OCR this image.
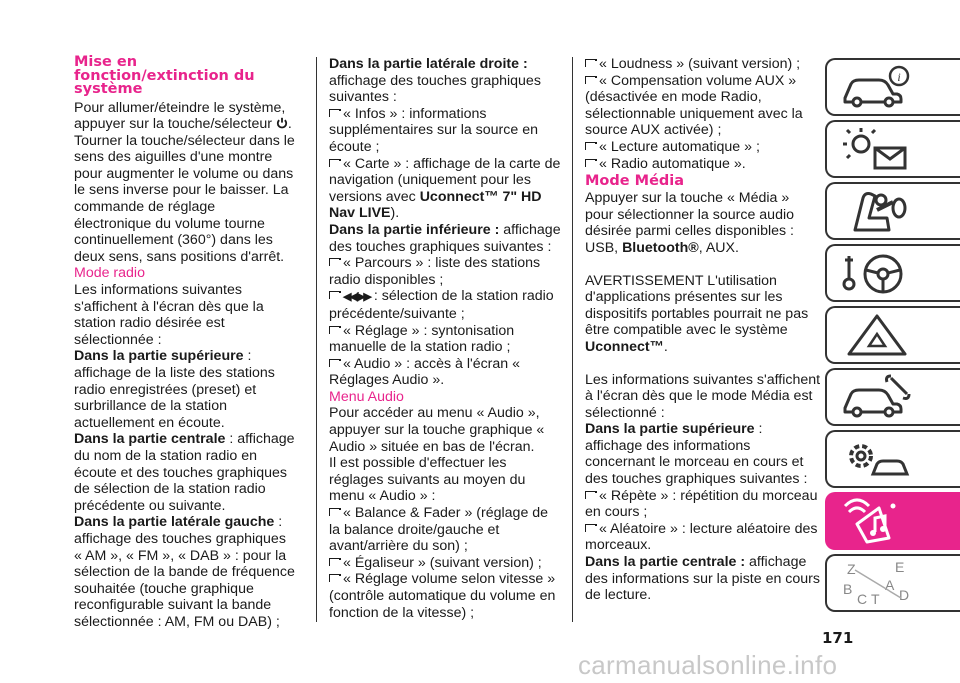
Mise en fonction/extinction du système

Pour allumer/éteindre le système, appuyer sur la touche/sélecteur .

Tourner la touche/sélecteur dans le sens des aiguilles d'une montre pour augmenter le volume ou dans le sens inverse pour le baisser. La commande de réglage électronique du volume tourne continuellement (360°) dans les deux sens, sans positions d'arrêt.

Mode radio

Les informations suivantes s'affichent à l'écran dès que la station radio désirée est sélectionnée :

Dans la partie supérieure : affichage de la liste des stations radio enregistrées (preset) et surbrillance de la station actuellement en écoute.

Dans la partie centrale : affichage du nom de la station radio en écoute et des touches graphiques de sélection de la station radio précédente ou suivante.

Dans la partie latérale gauche : affichage des touches graphiques « AM », « FM », « DAB » : pour la sélection de la bande de fréquence souhaitée (touche graphique reconfigurable suivant la bande sélectionnée : AM, FM ou DAB) ;

Dans la partie latérale droite : affichage des touches graphiques suivantes :

« Infos » : informations supplémentaires sur la source en écoute ;

« Carte » : affichage de la carte de navigation (uniquement pour les versions avec Uconnect™ 7" HD Nav LIVE).

Dans la partie inférieure : affichage des touches graphiques suivantes :

« Parcours » : liste des stations radio disponibles ;

◀◀/▶▶ : sélection de la station radio précédente/suivante ;

« Réglage » : syntonisation manuelle de la station radio ;

« Audio » : accès à l'écran « Réglages Audio ».

Menu Audio

Pour accéder au menu « Audio », appuyer sur la touche graphique « Audio » située en bas de l'écran.

Il est possible d'effectuer les réglages suivants au moyen du menu « Audio » :

« Balance & Fader » (réglage de la balance droite/gauche et avant/arrière du son) ;

« Égaliseur » (suivant version) ;

« Réglage volume selon vitesse » (contrôle automatique du volume en fonction de la vitesse) ;

« Loudness » (suivant version) ;

« Compensation volume AUX » (désactivée en mode Radio, sélectionnable uniquement avec la source AUX activée) ;

« Lecture automatique » ;

« Radio automatique ».

Mode Média

Appuyer sur la touche « Média » pour sélectionner la source audio désirée parmi celles disponibles : USB, Bluetooth®, AUX.

AVERTISSEMENT L'utilisation d'applications présentes sur les dispositifs portables pourrait ne pas être compatible avec le système Uconnect™.

Les informations suivantes s'affichent à l'écran dès que le mode Média est sélectionné :

Dans la partie supérieure : affichage des informations concernant le morceau en cours et des touches graphiques suivantes :

« Répète » : répétition du morceau en cours ;

« Aléatoire » : lecture aléatoire des morceaux.

Dans la partie centrale : affichage des informations sur la piste en cours de lecture.

i
Z	E
B A
C T D
171
carmanualsonline.info
